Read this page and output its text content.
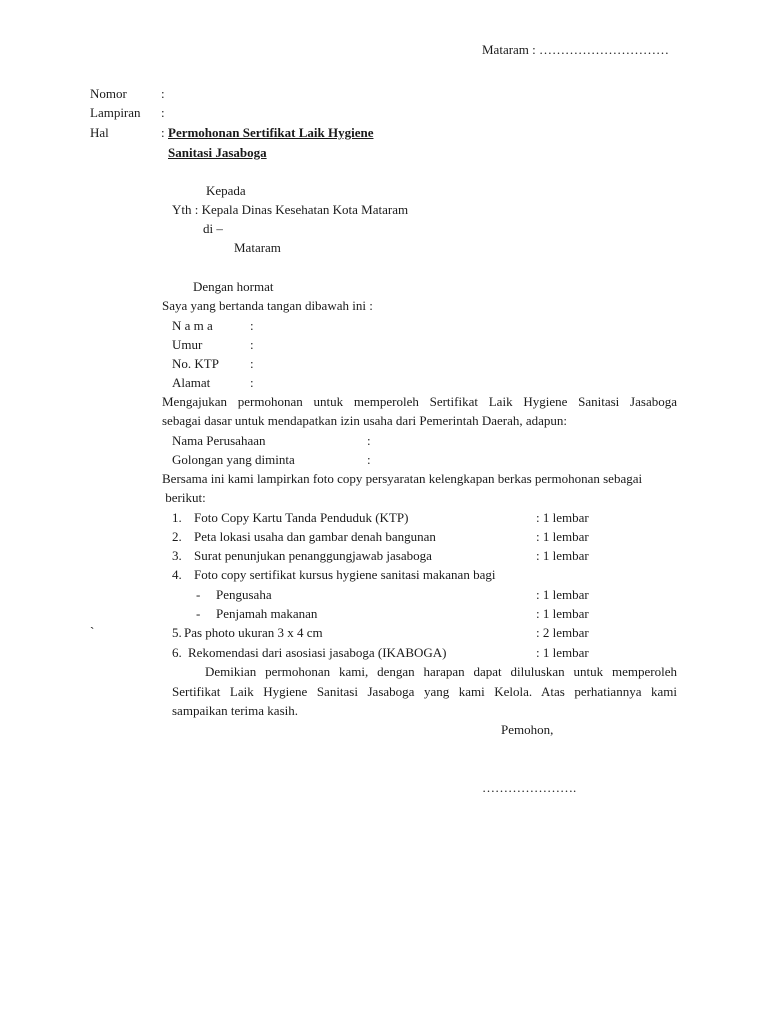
Mataram : …………………………
Nomor	:
Lampiran :
Hal	: Permohonan Sertifikat Laik Hygiene
Sanitasi Jasaboga
Kepada
Yth : Kepala Dinas Kesehatan Kota Mataram
di –
Mataram
Dengan hormat
Saya yang bertanda tangan dibawah ini :
N a m a	:
Umur	:
No. KTP :
Alamat	:
Mengajukan permohonan untuk memperoleh Sertifikat Laik Hygiene Sanitasi Jasaboga
sebagai dasar untuk mendapatkan izin usaha dari Pemerintah Daerah, adapun:
Nama Perusahaan	:
Golongan yang diminta	:
Bersama ini kami lampirkan foto copy persyaratan kelengkapan berkas permohonan sebagai
berikut:
1. Foto Copy Kartu Tanda Penduduk (KTP)	: 1 lembar
2. Peta lokasi usaha dan gambar denah bangunan	: 1 lembar
3. Surat penunjukan penanggungjawab jasaboga	: 1 lembar
4. Foto copy sertifikat kursus hygiene sanitasi makanan bagi
- Pengusaha	: 1 lembar
- Penjamah makanan	: 1 lembar
5. Pas photo ukuran 3 x 4 cm	: 2 lembar
6. Rekomendasi dari asosiasi jasaboga (IKABOGA)	: 1 lembar
`
Demikian permohonan kami, dengan harapan dapat diluluskan untuk memperoleh
Sertifikat Laik Hygiene Sanitasi Jasaboga yang kami Kelola. Atas perhatiannya kami
sampaikan terima kasih.
Pemohon,
………………….
